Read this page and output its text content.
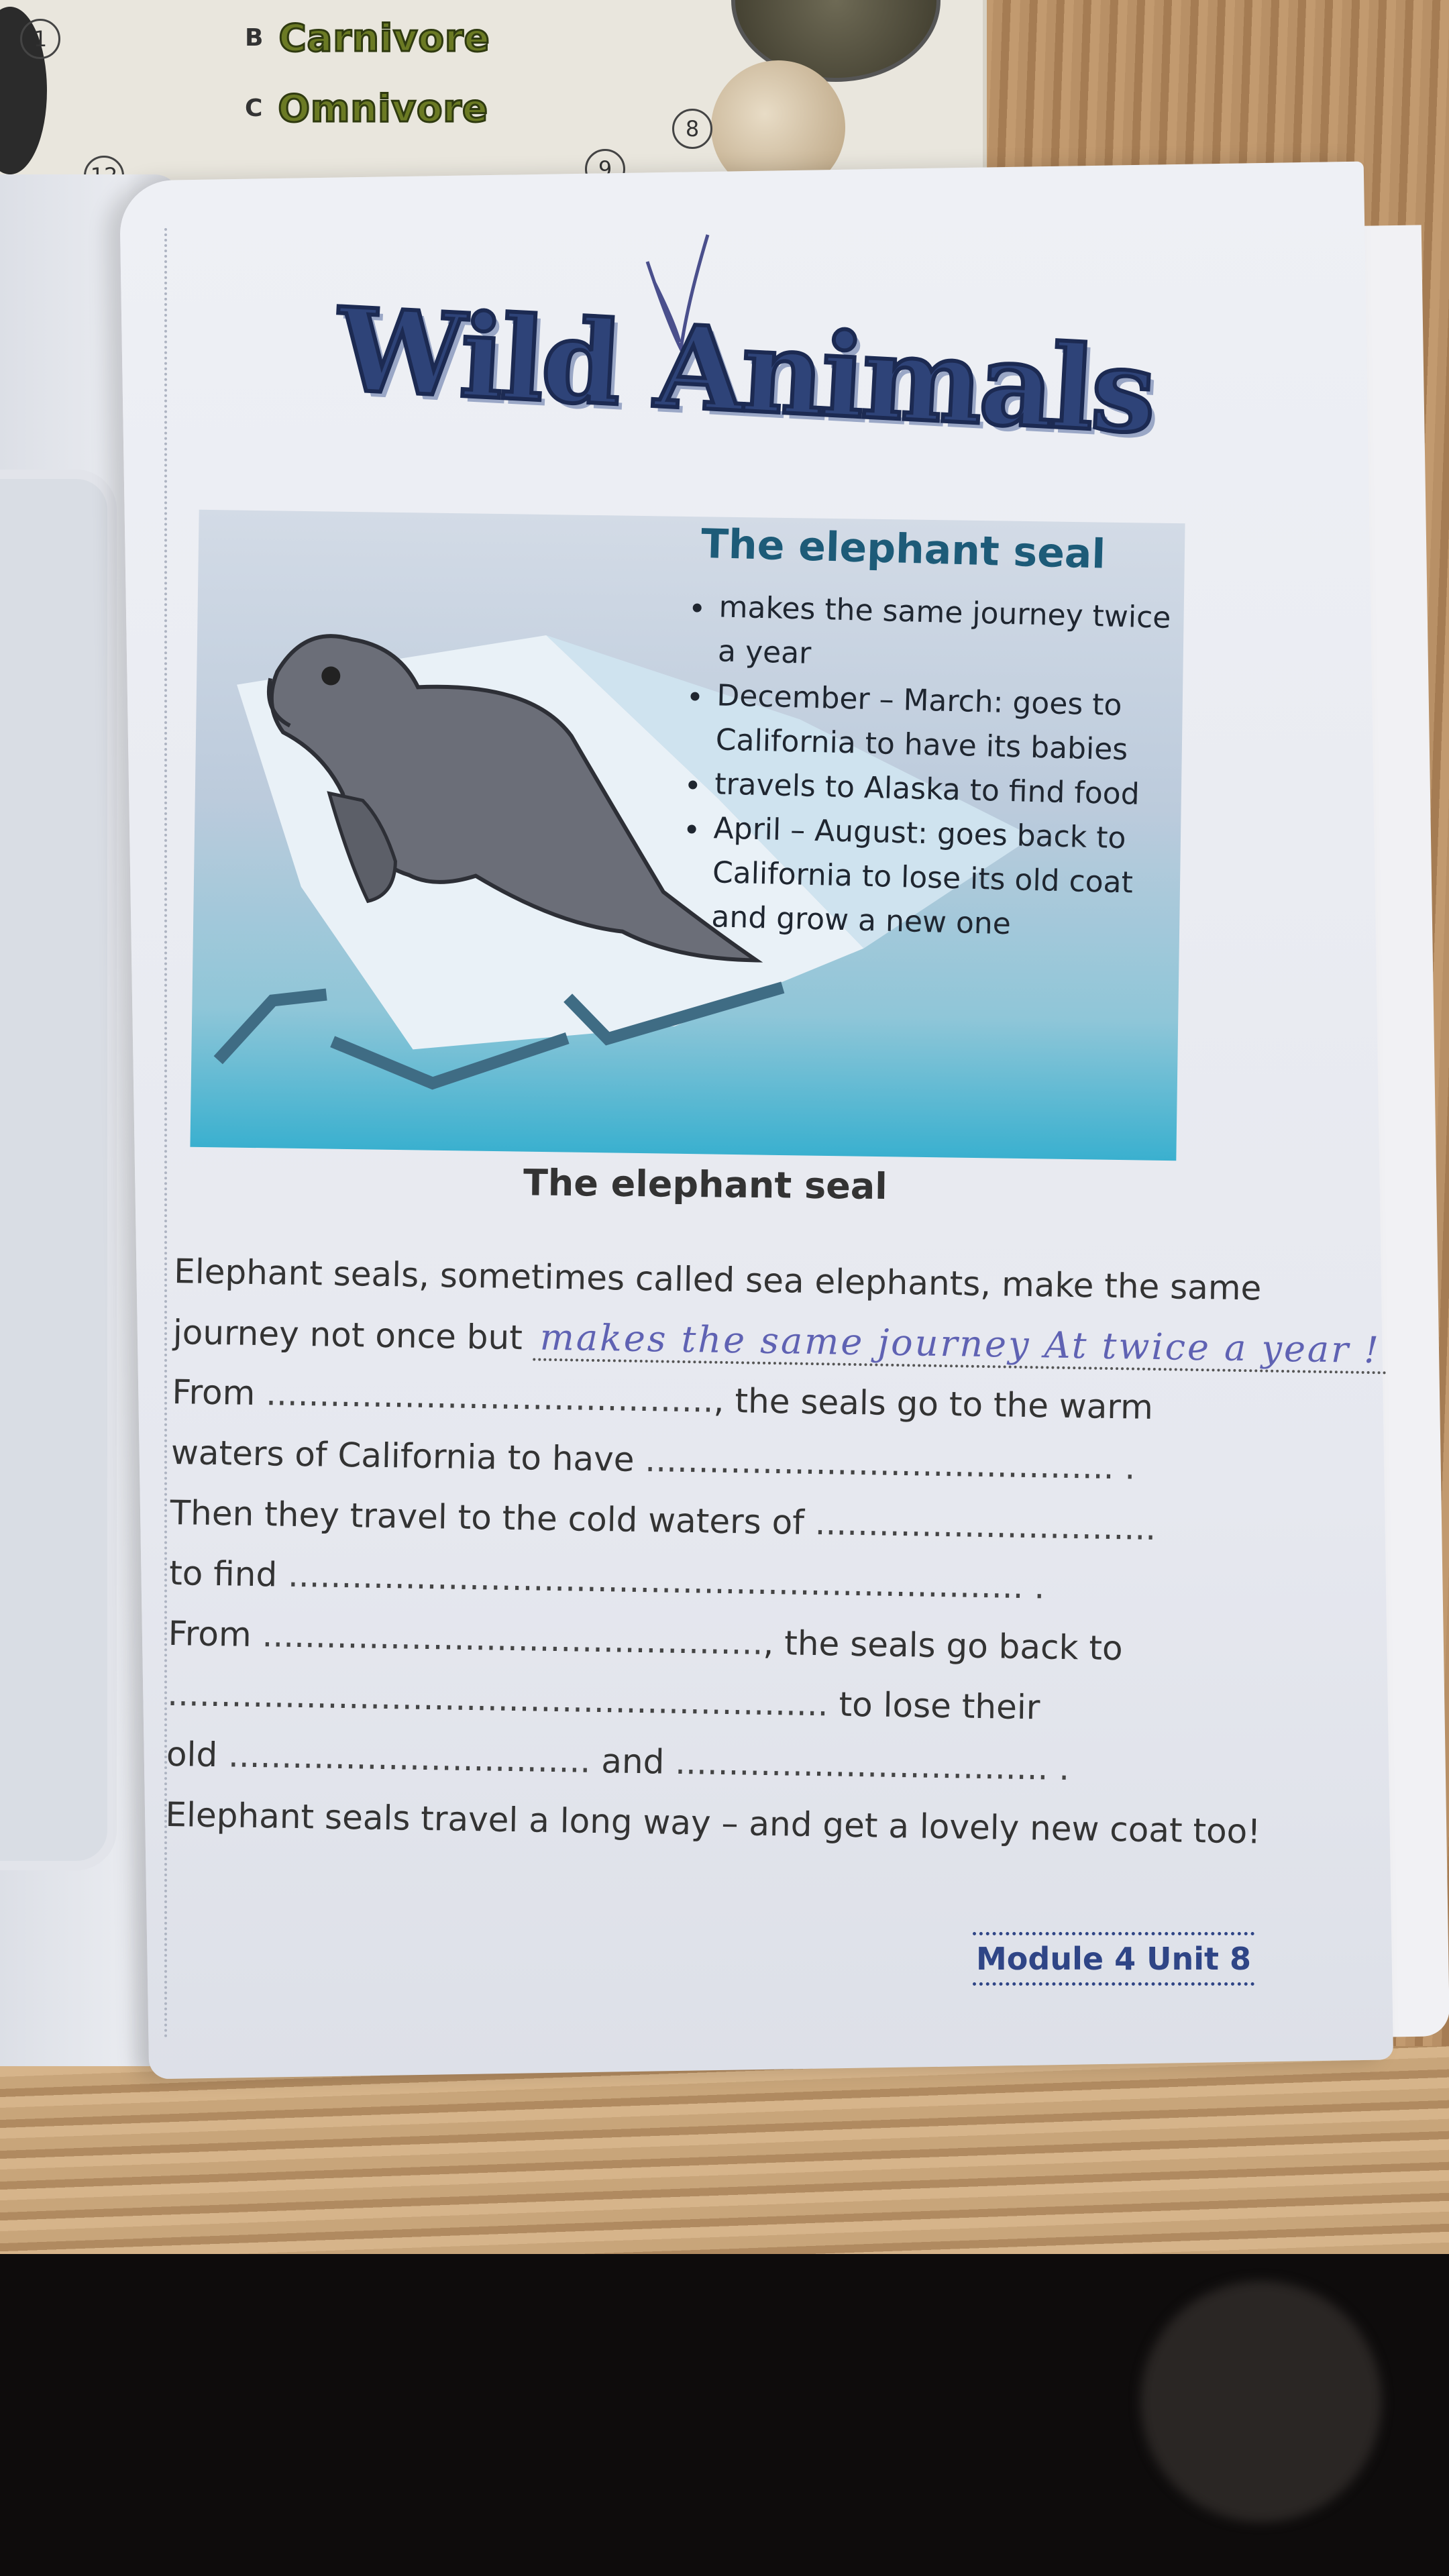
1
8
9
B Carnivore
C Omnivore
Wild Animals
The elephant seal
• makes the same journey twice a year
• December – March: goes to California to have its babies
• travels to Alaska to find food
• April – August: goes back to California to lose its old coat and grow a new one
The elephant seal
Elephant seals, sometimes called sea elephants, make the same
journey not once but makes the same journey At twice a year !
From .........................................., the seals go to the warm
waters of California to have ............................................ .
Then they travel to the cold waters of ................................
to find ..................................................................... .
From ..............................................., the seals go back to
.............................................................. to lose their
old .................................. and ................................... .
Elephant seals travel a long way – and get a lovely new coat too!
Module 4 Unit 8
